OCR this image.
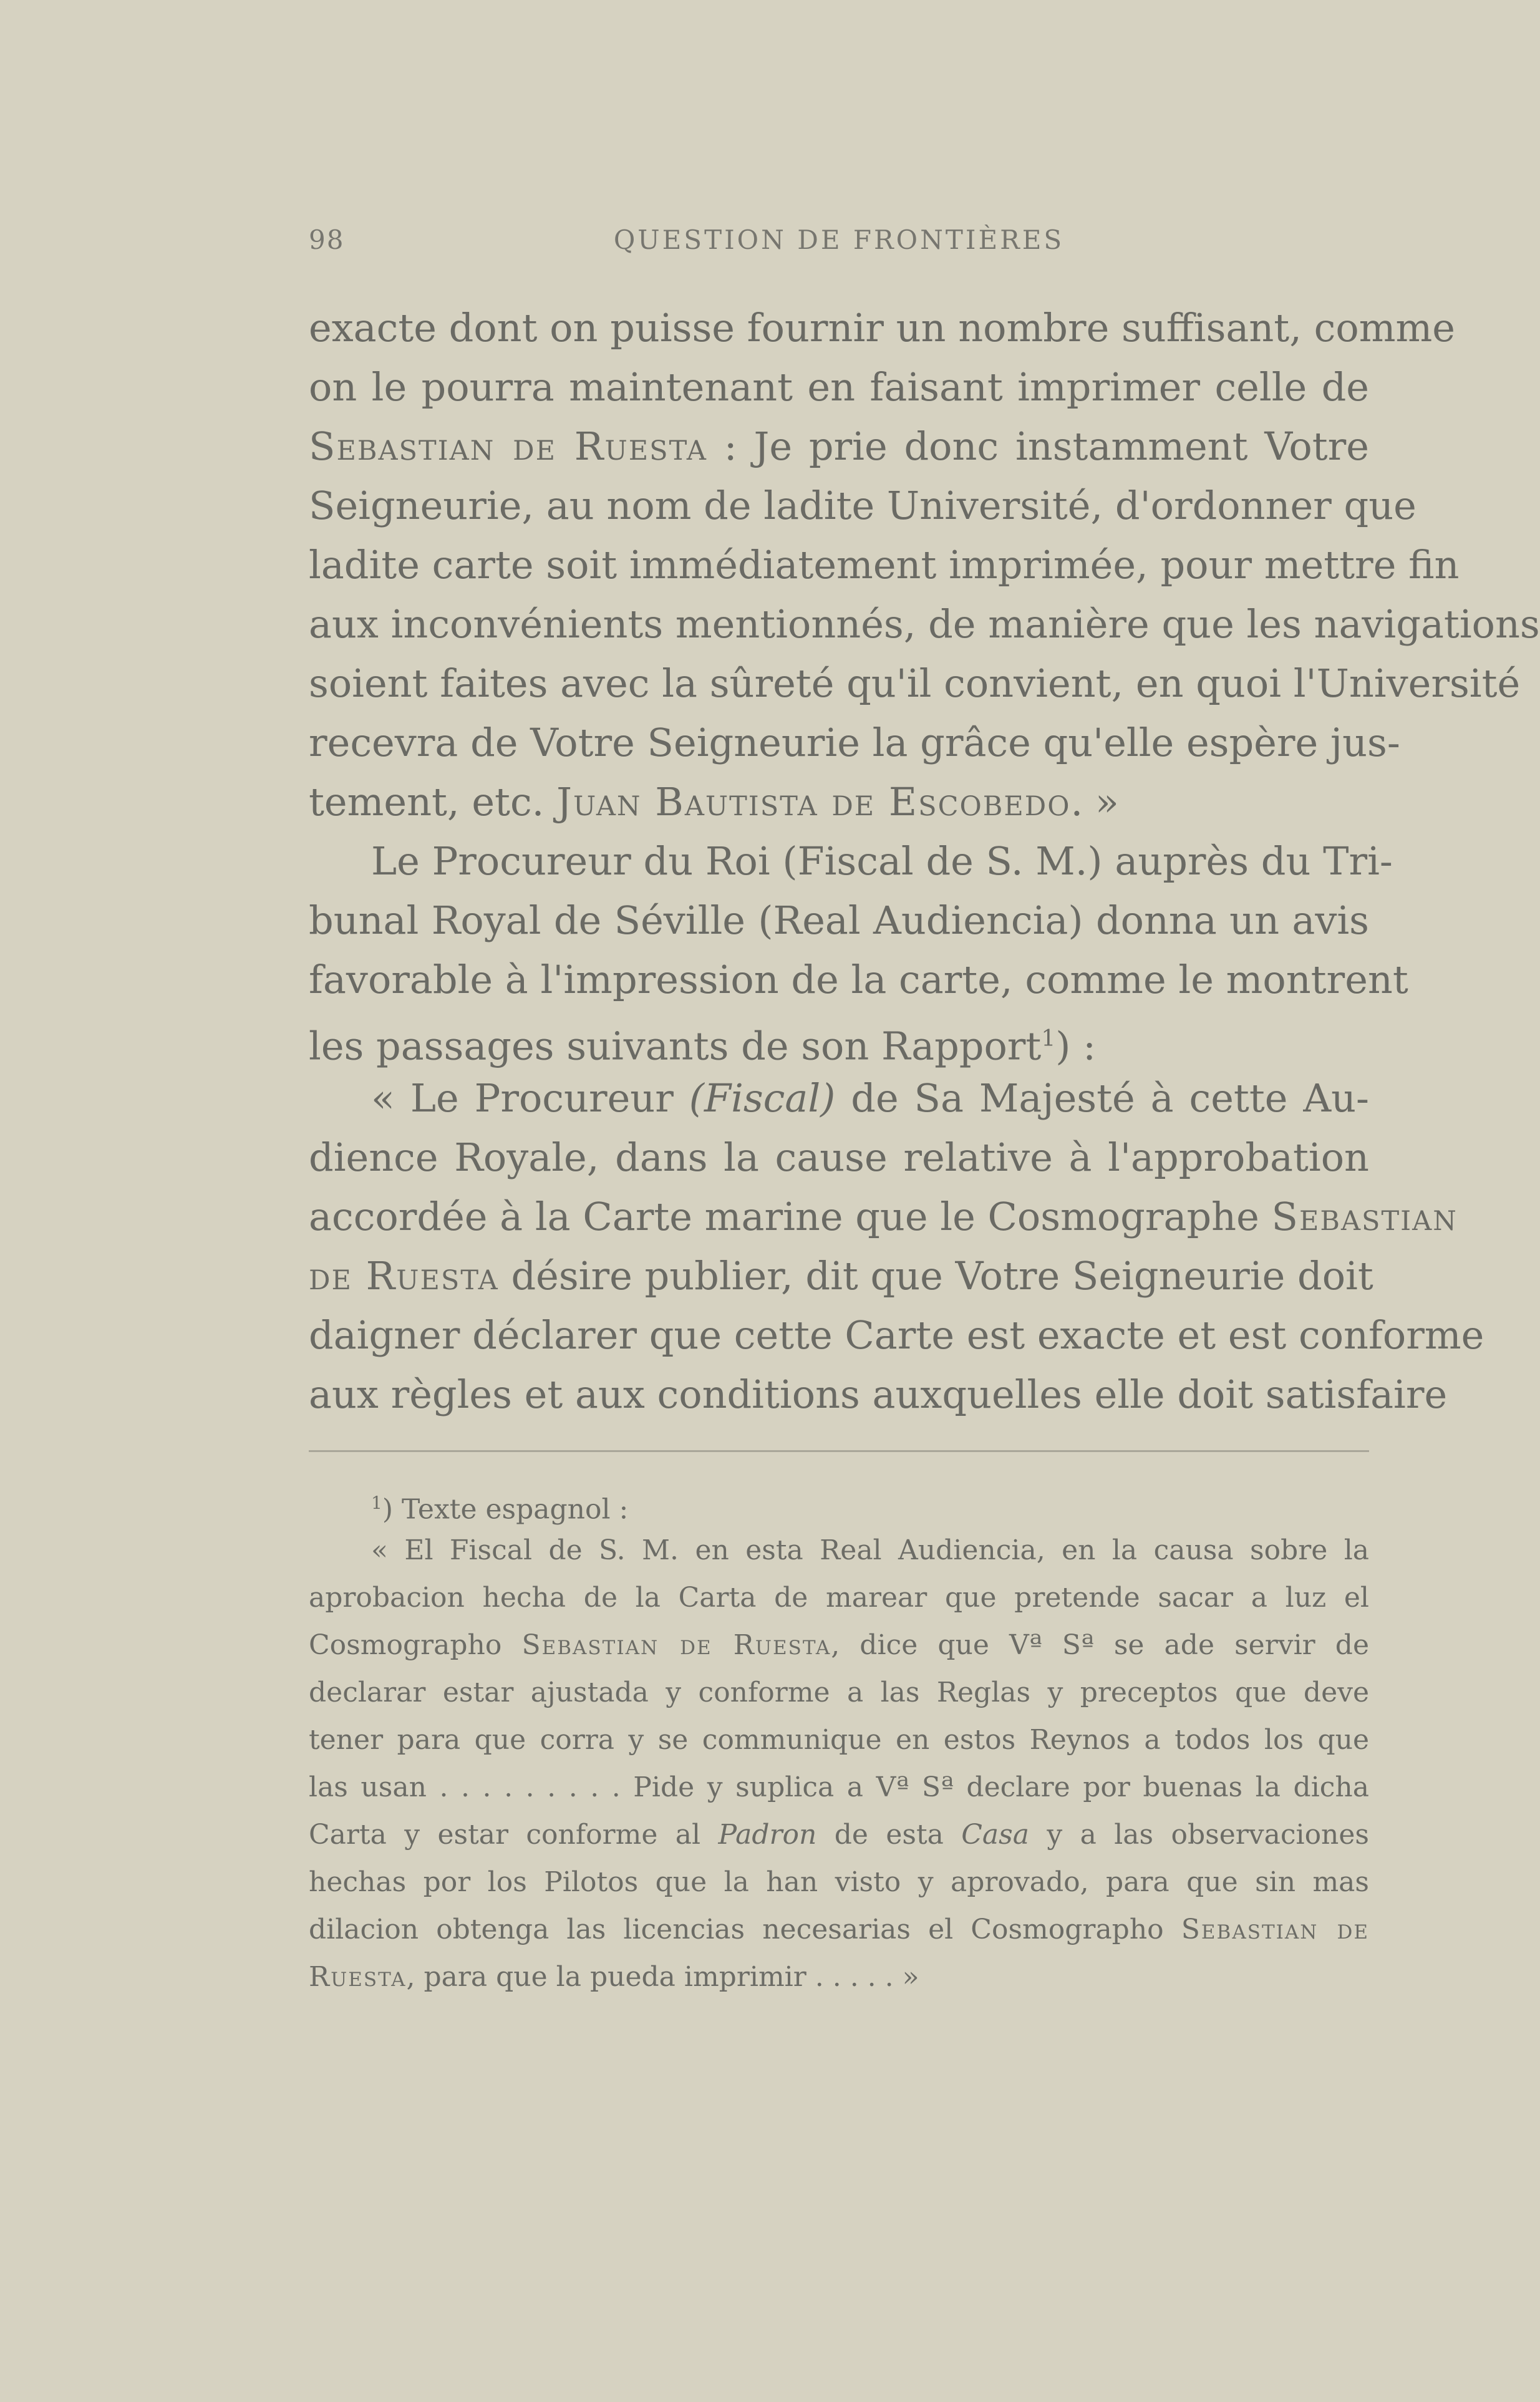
98	QUESTION DE FRONTIÈRES
exacte dont on puisse fournir un nombre suffisant, comme
on le pourra maintenant en faisant imprimer celle de
Sebastian de Ruesta : Je prie donc instamment Votre
Seigneurie, au nom de ladite Université, d'ordonner que
ladite carte soit immédiatement imprimée, pour mettre fin
aux inconvénients mentionnés, de manière que les navigations
soient faites avec la sûreté qu'il convient, en quoi l'Université
recevra de Votre Seigneurie la grâce qu'elle espère jus-
tement, etc. Juan Bautista de Escobedo. »
Le Procureur du Roi (Fiscal de S. M.) auprès du Tri-
bunal Royal de Séville (Real Audiencia) donna un avis
favorable à l'impression de la carte, comme le montrent
les passages suivants de son Rapport$^1$) :
« Le Procureur (Fiscal) de Sa Majesté à cette Au-
dience Royale, dans la cause relative à l'approbation
accordée à la Carte marine que le Cosmographe Sebastian
de Ruesta désire publier, dit que Votre Seigneurie doit
daigner déclarer que cette Carte est exacte et est conforme
aux règles et aux conditions auxquelles elle doit satisfaire
$^1$) Texte espagnol :
« El Fiscal de S. M. en esta Real Audiencia, en la causa sobre la
aprobacion hecha de la Carta de marear que pretende sacar a luz el
Cosmographo Sebastian de Ruesta, dice que Vª Sª se ade servir de
declarar estar ajustada y conforme a las Reglas y preceptos que deve
tener para que corra y se communique en estos Reynos a todos los que
las usan . . . . . . . . . Pide y suplica a Vª Sª declare por buenas la dicha
Carta y estar conforme al Padron de esta Casa y a las observaciones
hechas por los Pilotos que la han visto y aprovado, para que sin mas
dilacion obtenga las licencias necesarias el Cosmographo Sebastian de
Ruesta, para que la pueda imprimir . . . . . »
